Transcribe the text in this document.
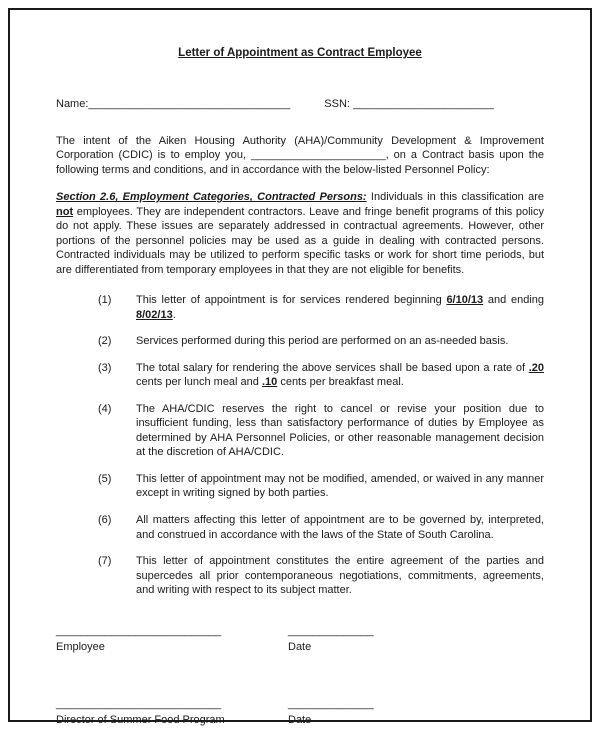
Letter of Appointment as Contract Employee
Name:_________________________________	SSN: _______________________

The intent of the Aiken Housing Authority (AHA)/Community Development & Improvement Corporation (CDIC) is to employ you, ______________________, on a Contract basis upon the following terms and conditions, and in accordance with the below-listed Personnel Policy:

Section 2.6, Employment Categories, Contracted Persons: Individuals in this classification are not employees. They are independent contractors. Leave and fringe benefit programs of this policy do not apply. These issues are separately addressed in contractual agreements. However, other portions of the personnel policies may be used as a guide in dealing with contracted persons. Contracted individuals may be utilized to perform specific tasks or work for short time periods, but are differentiated from temporary employees in that they are not eligible for benefits.

(1)	This letter of appointment is for services rendered beginning 6/10/13 and ending 8/02/13.
(2)	Services performed during this period are performed on an as-needed basis.
(3)	The total salary for rendering the above services shall be based upon a rate of .20 cents per lunch meal and .10 cents per breakfast meal.
(4)	The AHA/CDIC reserves the right to cancel or revise your position due to insufficient funding, less than satisfactory performance of duties by Employee as determined by AHA Personnel Policies, or other reasonable management decision at the discretion of AHA/CDIC.
(5)	This letter of appointment may not be modified, amended, or waived in any manner except in writing signed by both parties.
(6)	All matters affecting this letter of appointment are to be governed by, interpreted, and construed in accordance with the laws of the State of South Carolina.
(7)	This letter of appointment constitutes the entire agreement of the parties and supercedes all prior contemporaneous negotiations, commitments, agreements, and writing with respect to its subject matter.
___________________________
Employee
______________
Date
___________________________
Director of Summer Food Program
______________
Date
